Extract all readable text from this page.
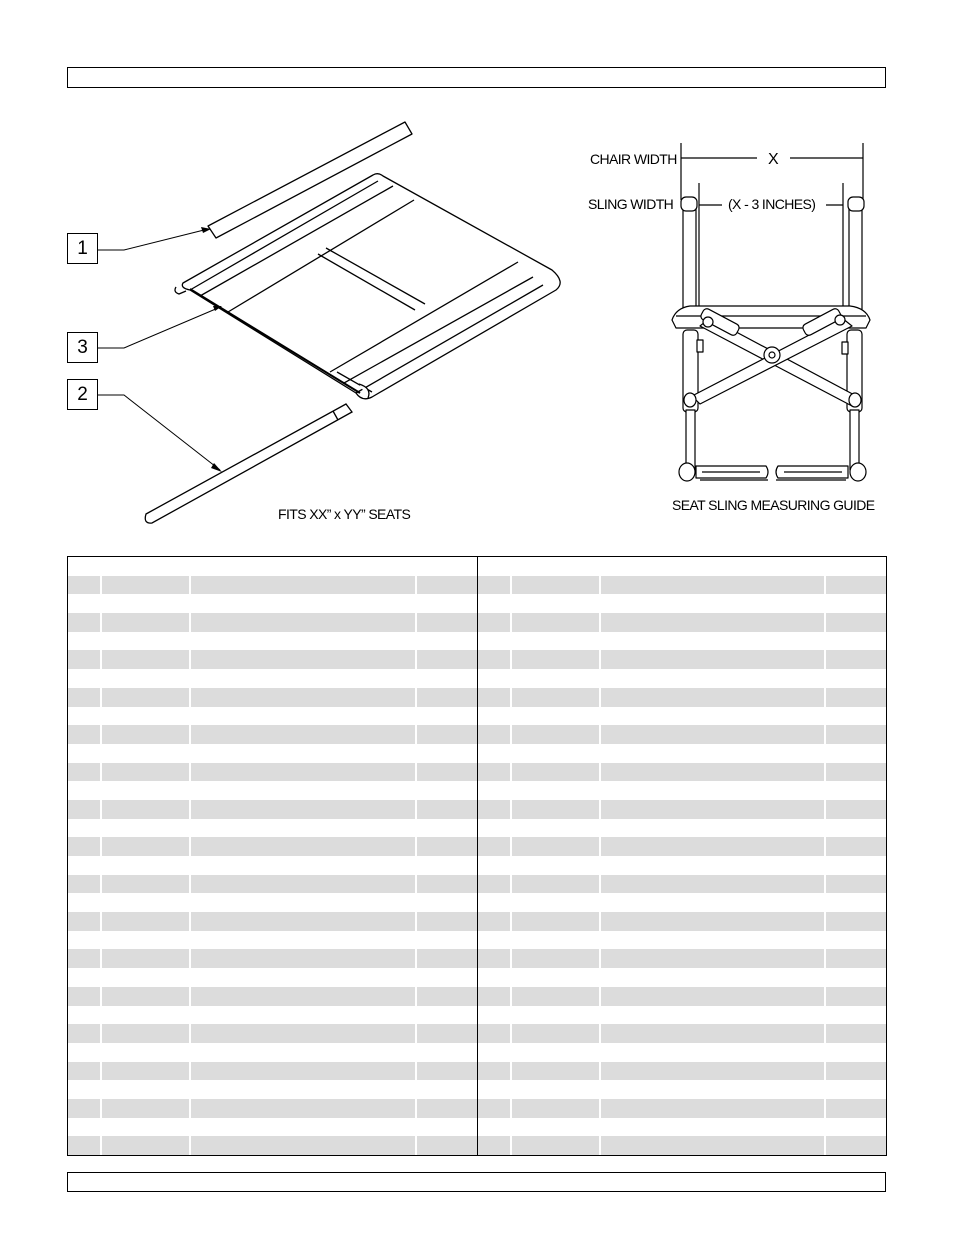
1
3
2
FITS XX” x YY” SEATS
CHAIR WIDTH	X
SLING WIDTH	(X - 3 INCHES)
SEAT SLING MEASURING GUIDE
